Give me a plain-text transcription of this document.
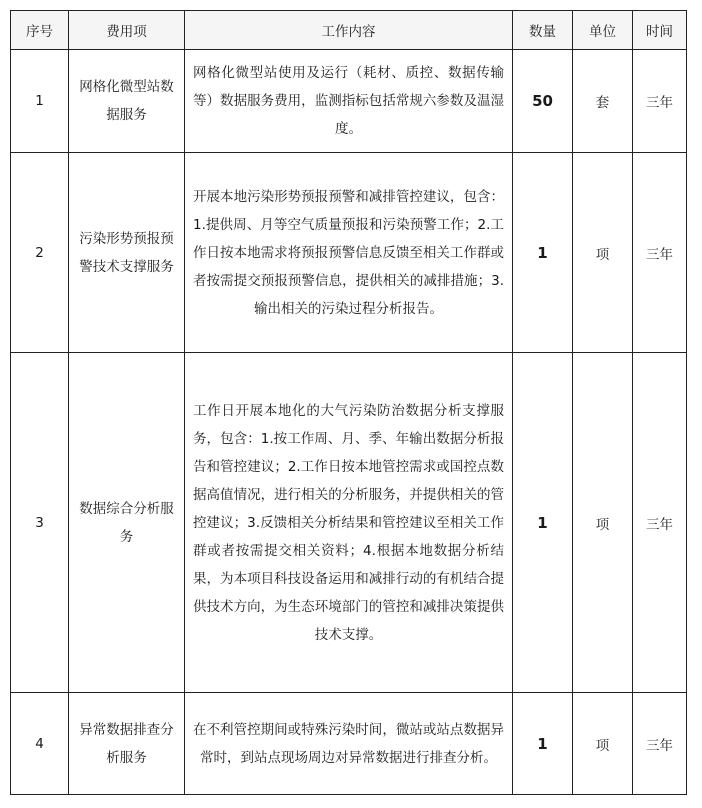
序号	费用项	工作内容	数量	单位	时间
1	网格化微型站数据服务	网格化微型站使用及运行（耗材、质控、数据传输等）数据服务费用，监测指标包括常规六参数及温湿度。	50	套	三年
2	污染形势预报预警技术支撑服务	开展本地污染形势预报预警和减排管控建议，包含：1.提供周、月等空气质量预报和污染预警工作；2.工作日按本地需求将预报预警信息反馈至相关工作群或者按需提交预报预警信息，提供相关的减排措施；3.输出相关的污染过程分析报告。	1	项	三年
3	数据综合分析服务	工作日开展本地化的大气污染防治数据分析支撑服务，包含：1.按工作周、月、季、年输出数据分析报告和管控建议；2.工作日按本地管控需求或国控点数据高值情况，进行相关的分析服务，并提供相关的管控建议；3.反馈相关分析结果和管控建议至相关工作群或者按需提交相关资料；4.根据本地数据分析结果，为本项目科技设备运用和减排行动的有机结合提供技术方向，为生态环境部门的管控和减排决策提供技术支撑。	1	项	三年
4	异常数据排查分析服务	在不利管控期间或特殊污染时间，微站或站点数据异常时，到站点现场周边对异常数据进行排查分析。	1	项	三年
